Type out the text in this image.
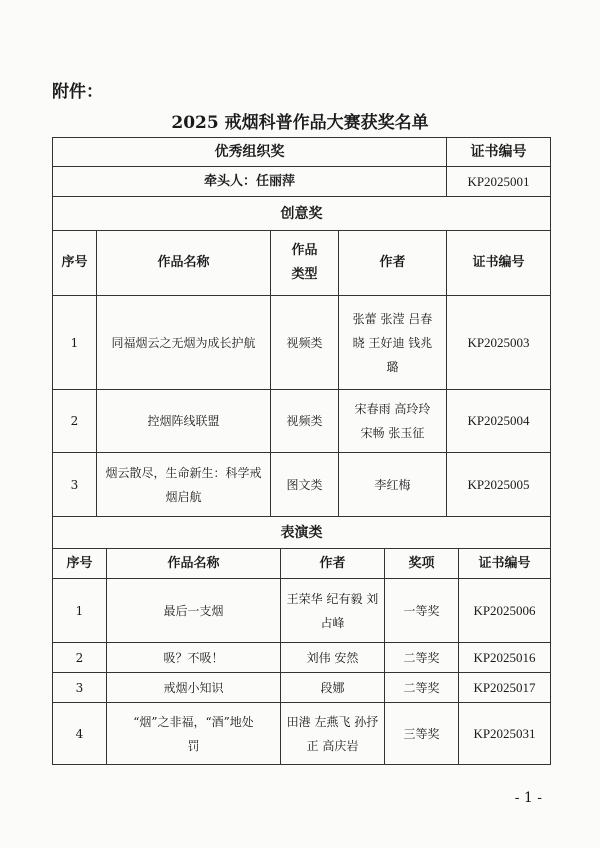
附件：
2025 戒烟科普作品大赛获奖名单
优秀组织奖	证书编号
牵头人：任丽萍	KP2025001
创意奖	
序号	作品名称	作品类型	作者	证书编号
1	同福烟云之无烟为成长护航	视频类	张蕾 张滢 吕春晓 王好迪 钱兆璐	KP2025003
2	控烟阵线联盟	视频类	宋春雨 高玲玲 宋畅 张玉征	KP2025004
3	烟云散尽，生命新生：科学戒烟启航	图文类	李红梅	KP2025005
表演类				
序号	作品名称	作者	奖项	证书编号
1	最后一支烟	王荣华 纪有毅 刘占峰	一等奖	KP2025006
2	吸？不吸！	刘伟 安然	二等奖	KP2025016
3	戒烟小知识	段娜	二等奖	KP2025017
4	“烟”之非福，“酒”地处罚	田港 左燕飞 孙抒正 高庆岩	三等奖	KP2025031
- 1 -
